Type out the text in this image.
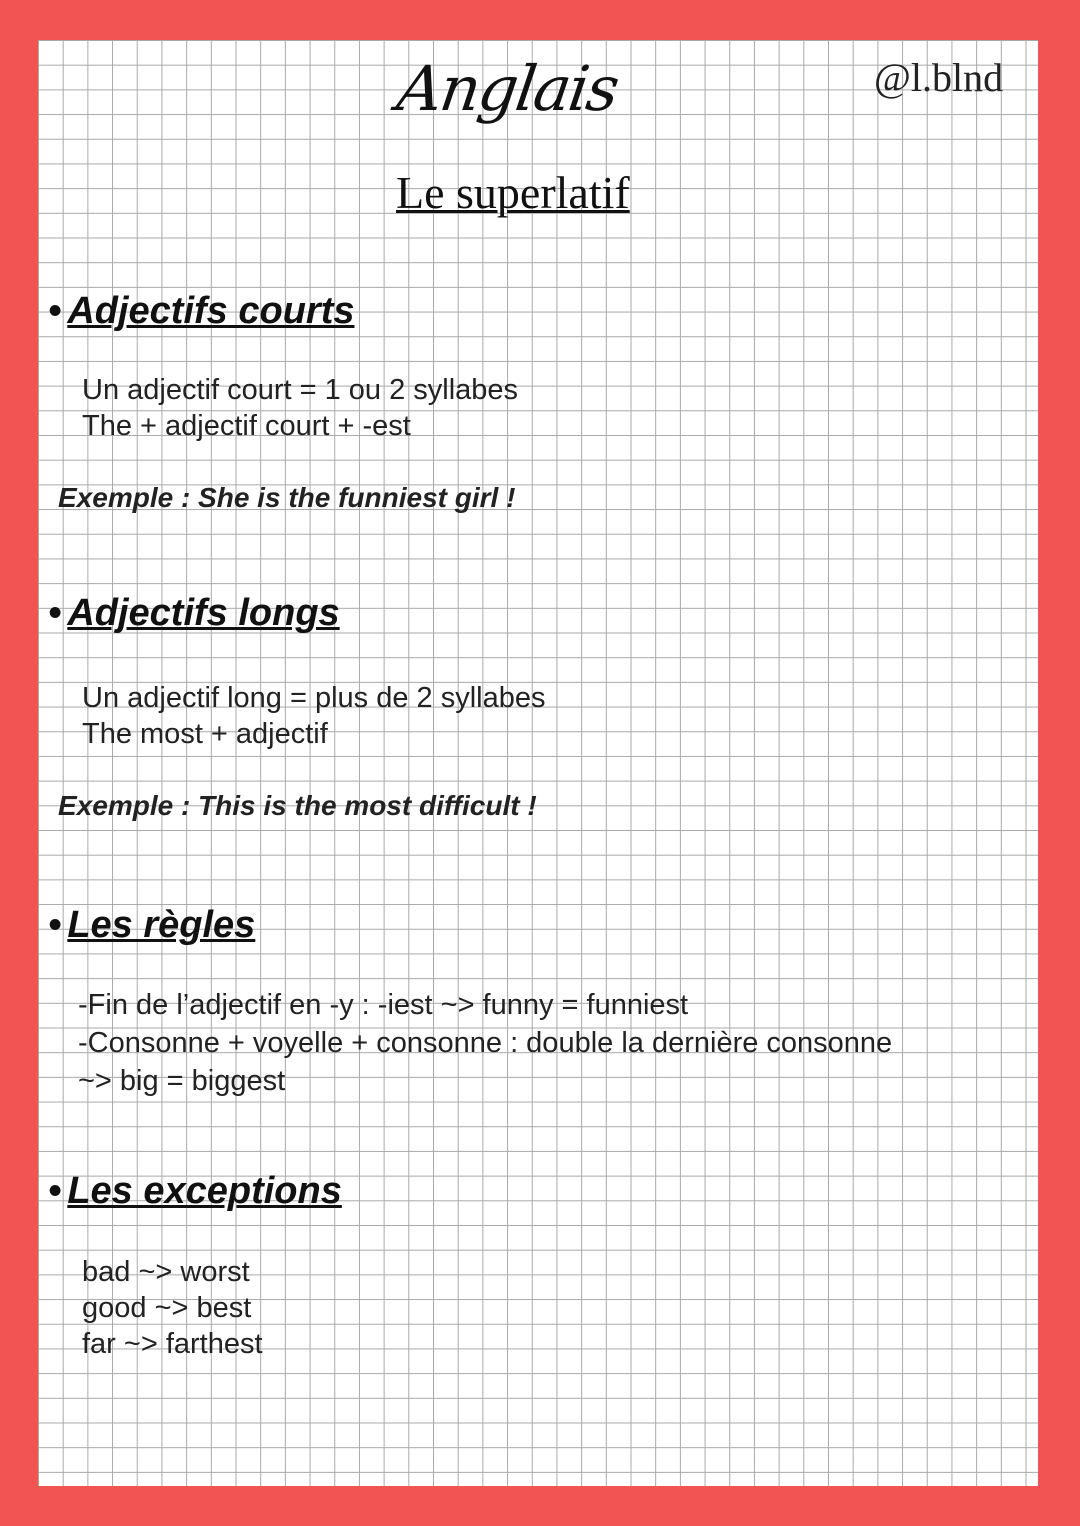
Anglais
Le superlatif
@l.blnd
• Adjectifs courts
Un adjectif court = 1 ou 2 syllabes
The + adjectif court + -est
Exemple : She is the funniest girl !
• Adjectifs longs
Un adjectif long = plus de 2 syllabes
The most + adjectif
Exemple : This is the most difficult !
• Les règles
-Fin de l’adjectif en -y : -iest ~> funny = funniest
-Consonne + voyelle + consonne : double la dernière consonne
~> big = biggest
• Les exceptions
bad ~> worst
good ~> best
far ~> farthest
